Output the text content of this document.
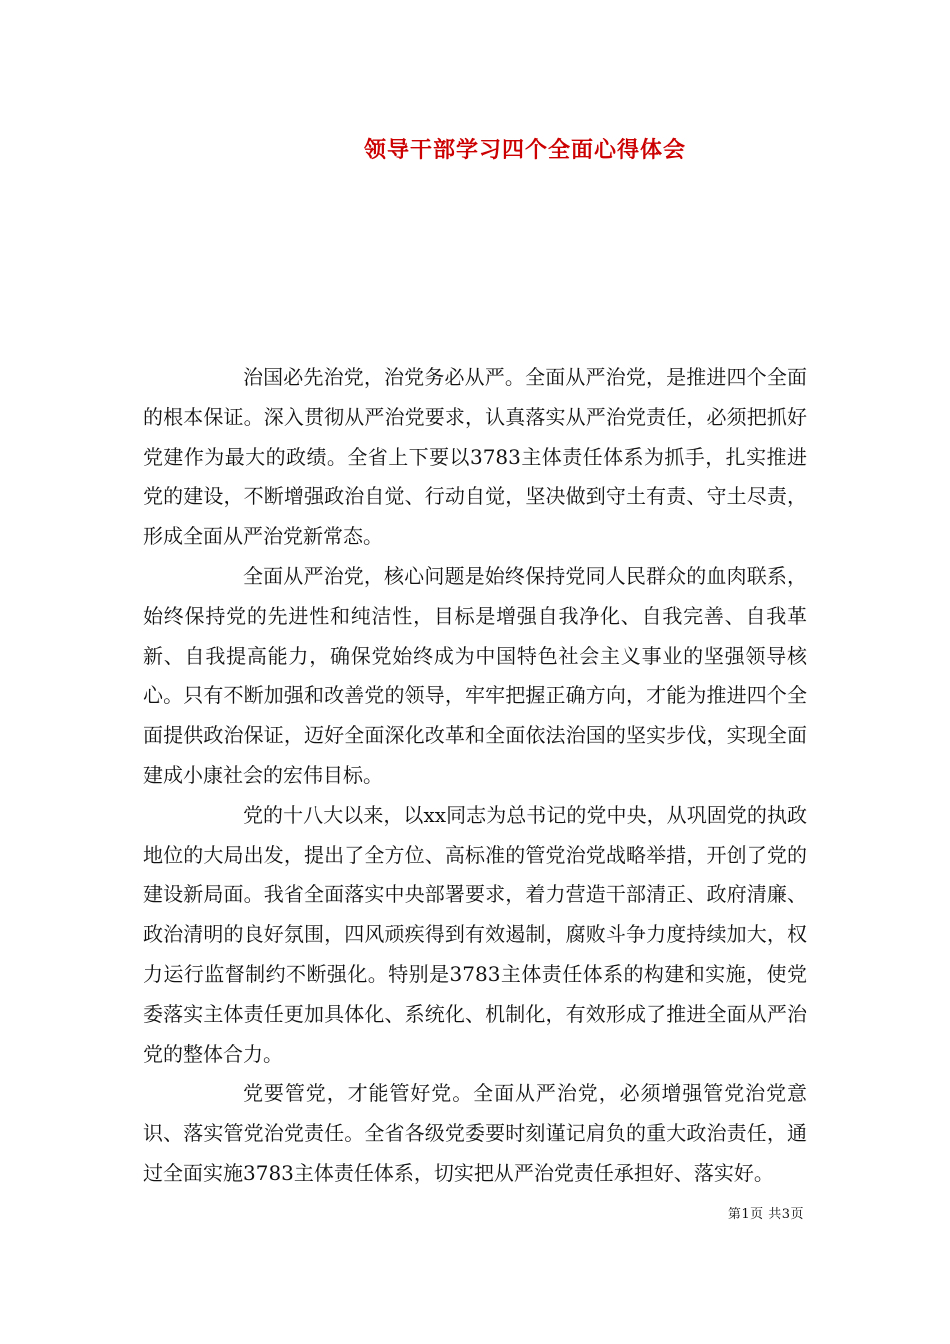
领导干部学习四个全面心得体会

治国必先治党，治党务必从严。全面从严治党，是推进四个全面的根本保证。深入贯彻从严治党要求，认真落实从严治党责任，必须把抓好党建作为最大的政绩。全省上下要以3783主体责任体系为抓手，扎实推进党的建设，不断增强政治自觉、行动自觉，坚决做到守土有责、守土尽责，形成全面从严治党新常态。

全面从严治党，核心问题是始终保持党同人民群众的血肉联系，始终保持党的先进性和纯洁性，目标是增强自我净化、自我完善、自我革新、自我提高能力，确保党始终成为中国特色社会主义事业的坚强领导核心。只有不断加强和改善党的领导，牢牢把握正确方向，才能为推进四个全面提供政治保证，迈好全面深化改革和全面依法治国的坚实步伐，实现全面建成小康社会的宏伟目标。

党的十八大以来，以xx同志为总书记的党中央，从巩固党的执政地位的大局出发，提出了全方位、高标准的管党治党战略举措，开创了党的建设新局面。我省全面落实中央部署要求，着力营造干部清正、政府清廉、政治清明的良好氛围，四风顽疾得到有效遏制，腐败斗争力度持续加大，权力运行监督制约不断强化。特别是3783主体责任体系的构建和实施，使党委落实主体责任更加具体化、系统化、机制化，有效形成了推进全面从严治党的整体合力。

党要管党，才能管好党。全面从严治党，必须增强管党治党意识、落实管党治党责任。全省各级党委要时刻谨记肩负的重大政治责任，通过全面实施3783主体责任体系，切实把从严治党责任承担好、落实好。

第1页 共3页
